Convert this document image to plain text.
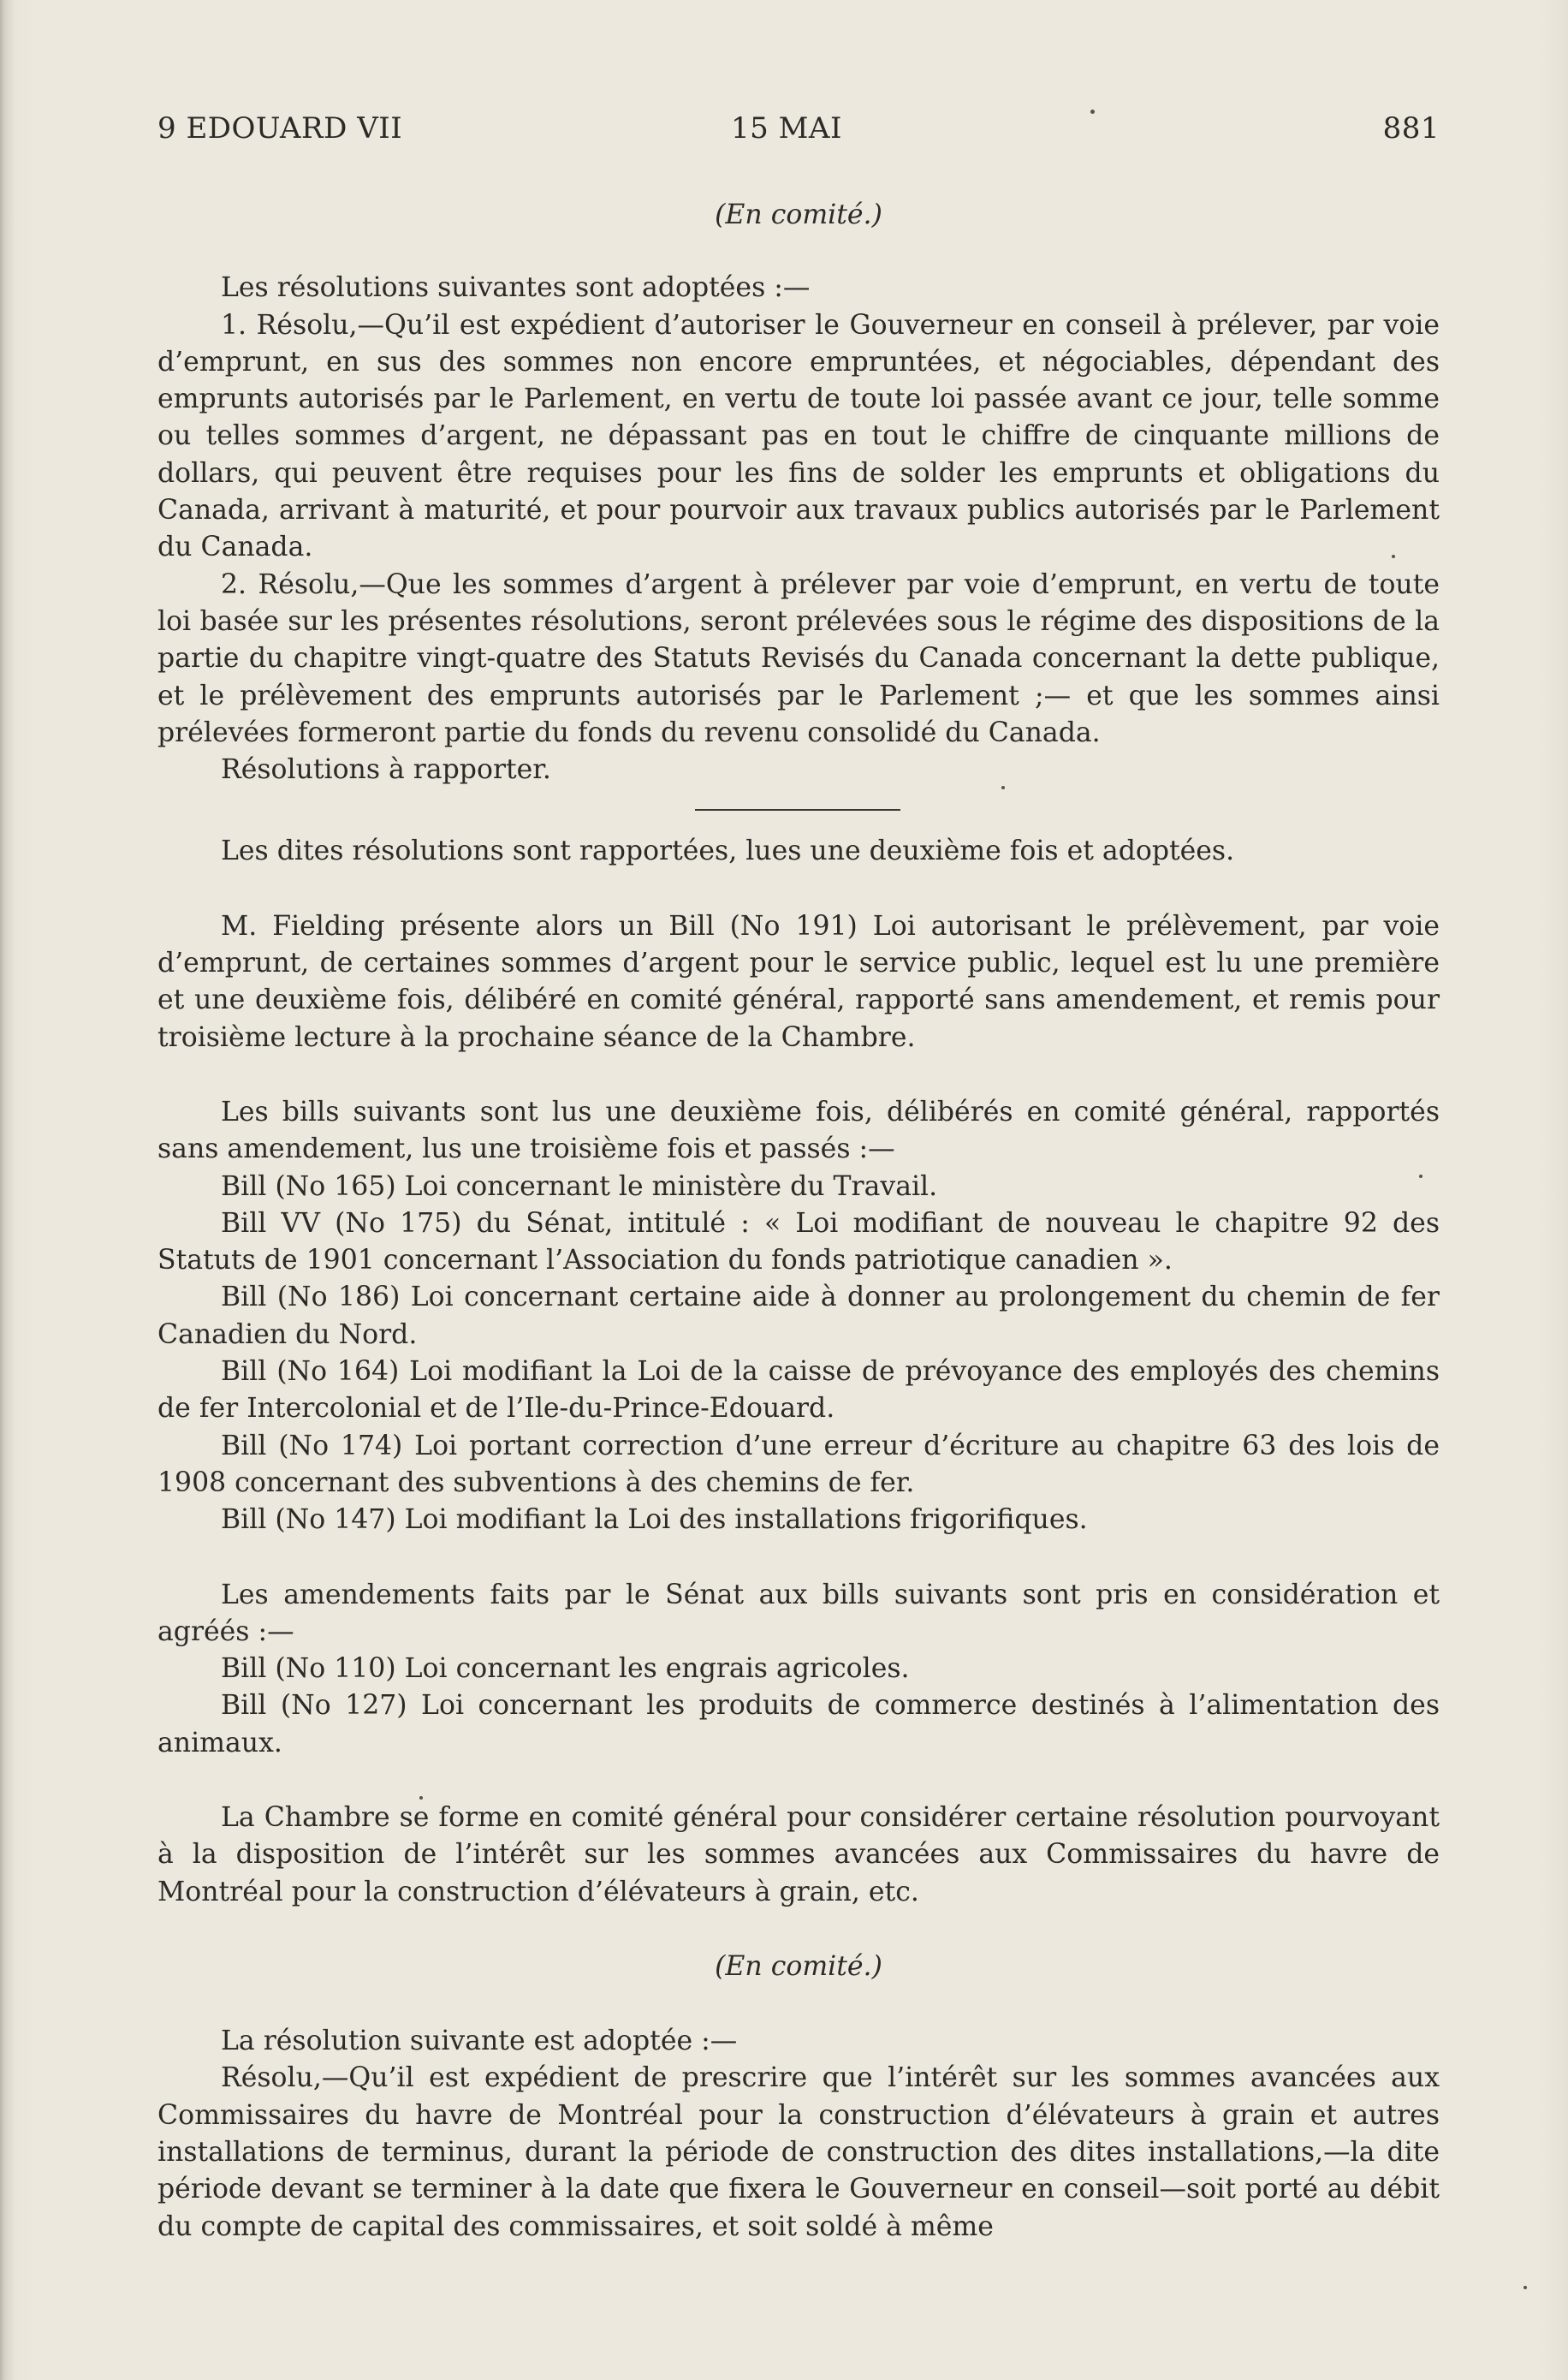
9 EDOUARD VII	15 MAI	881

(En comité.)

Les résolutions suivantes sont adoptées :—

1. Résolu,—Qu’il est expédient d’autoriser le Gouverneur en conseil à prélever, par voie d’emprunt, en sus des sommes non encore empruntées, et négociables, dépendant des emprunts autorisés par le Parlement, en vertu de toute loi passée avant ce jour, telle somme ou telles sommes d’argent, ne dépassant pas en tout le chiffre de cinquante millions de dollars, qui peuvent être requises pour les fins de solder les emprunts et obligations du Canada, arrivant à maturité, et pour pourvoir aux travaux publics autorisés par le Parlement du Canada.

2. Résolu,—Que les sommes d’argent à prélever par voie d’emprunt, en vertu de toute loi basée sur les présentes résolutions, seront prélevées sous le régime des dispositions de la partie du chapitre vingt-quatre des Statuts Revisés du Canada concernant la dette publique, et le prélèvement des emprunts autorisés par le Parlement ;— et que les sommes ainsi prélevées formeront partie du fonds du revenu consolidé du Canada.

Résolutions à rapporter.

Les dites résolutions sont rapportées, lues une deuxième fois et adoptées.

M. Fielding présente alors un Bill (No 191) Loi autorisant le prélèvement, par voie d’emprunt, de certaines sommes d’argent pour le service public, lequel est lu une première et une deuxième fois, délibéré en comité général, rapporté sans amendement, et remis pour troisième lecture à la prochaine séance de la Chambre.

Les bills suivants sont lus une deuxième fois, délibérés en comité général, rapportés sans amendement, lus une troisième fois et passés :—

Bill (No 165) Loi concernant le ministère du Travail.

Bill VV (No 175) du Sénat, intitulé : « Loi modifiant de nouveau le chapitre 92 des Statuts de 1901 concernant l’Association du fonds patriotique canadien ».

Bill (No 186) Loi concernant certaine aide à donner au prolongement du chemin de fer Canadien du Nord.

Bill (No 164) Loi modifiant la Loi de la caisse de prévoyance des employés des chemins de fer Intercolonial et de l’Ile-du-Prince-Edouard.

Bill (No 174) Loi portant correction d’une erreur d’écriture au chapitre 63 des lois de 1908 concernant des subventions à des chemins de fer.

Bill (No 147) Loi modifiant la Loi des installations frigorifiques.

Les amendements faits par le Sénat aux bills suivants sont pris en considération et agréés :—

Bill (No 110) Loi concernant les engrais agricoles.

Bill (No 127) Loi concernant les produits de commerce destinés à l’alimentation des animaux.

La Chambre se forme en comité général pour considérer certaine résolution pourvoyant à la disposition de l’intérêt sur les sommes avancées aux Commissaires du havre de Montréal pour la construction d’élévateurs à grain, etc.

(En comité.)

La résolution suivante est adoptée :—

Résolu,—Qu’il est expédient de prescrire que l’intérêt sur les sommes avancées aux Commissaires du havre de Montréal pour la construction d’élévateurs à grain et autres installations de terminus, durant la période de construction des dites installations,—la dite période devant se terminer à la date que fixera le Gouverneur en conseil—soit porté au débit du compte de capital des commissaires, et soit soldé à même
